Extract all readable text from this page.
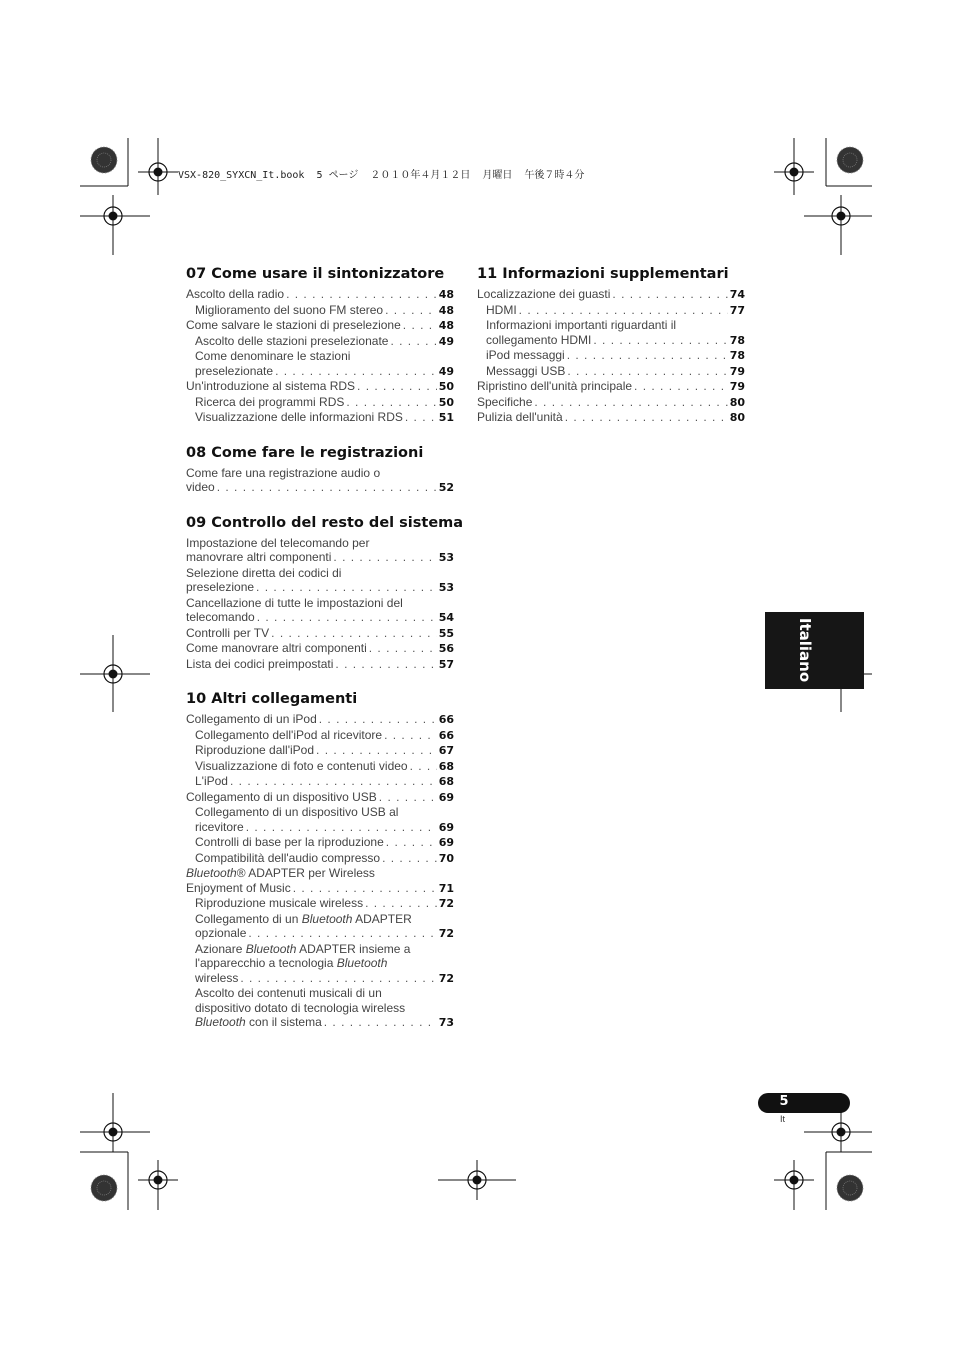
VSX-820_SYXCN_It.book  5 ページ  ２０１０年４月１２日  月曜日  午後７時４分
07 Come usare il sintonizzatore
Ascolto della radio . . .	48
Miglioramento del suono FM stereo . . .	48
Come salvare le stazioni di preselezione . . .	48
Ascolto delle stazioni preselezionate . . .	49
Come denominare le stazioni
preselezionate . . .	49
Un'introduzione al sistema RDS . . .	50
Ricerca dei programmi RDS . . .	50
Visualizzazione delle informazioni RDS . . .	51
08 Come fare le registrazioni
Come fare una registrazione audio o
video . . .	52
09 Controllo del resto del sistema
Impostazione del telecomando per
manovrare altri componenti . . .	53
Selezione diretta dei codici di
preselezione . . .	53
Cancellazione di tutte le impostazioni del
telecomando . . .	54
Controlli per TV . . .	55
Come manovrare altri componenti . . .	56
Lista dei codici preimpostati . . .	57
10 Altri collegamenti
Collegamento di un iPod . . .	66
Collegamento dell'iPod al ricevitore . . .	66
Riproduzione dall'iPod . . .	67
Visualizzazione di foto e contenuti video . . .	68
L'iPod . . .	68
Collegamento di un dispositivo USB . . .	69
Collegamento di un dispositivo USB al
ricevitore . . .	69
Controlli di base per la riproduzione . . .	69
Compatibilità dell'audio compresso . . .	70
Bluetooth® ADAPTER per Wireless
Enjoyment of Music . . .	71
Riproduzione musicale wireless . . .	72
Collegamento di un Bluetooth ADAPTER
opzionale . . .	72
Azionare Bluetooth ADAPTER insieme a
l'apparecchio a tecnologia Bluetooth
wireless . . .	72
Ascolto dei contenuti musicali di un
dispositivo dotato di tecnologia wireless
Bluetooth con il sistema . . .	73
11 Informazioni supplementari
Localizzazione dei guasti . . .	74
HDMI . . .	77
Informazioni importanti riguardanti il
collegamento HDMI . . .	78
iPod messaggi . . .	78
Messaggi USB . . .	79
Ripristino dell'unità principale . . .	79
Specifiche . . .	80
Pulizia dell'unità . . .	80
Italiano
5
It
